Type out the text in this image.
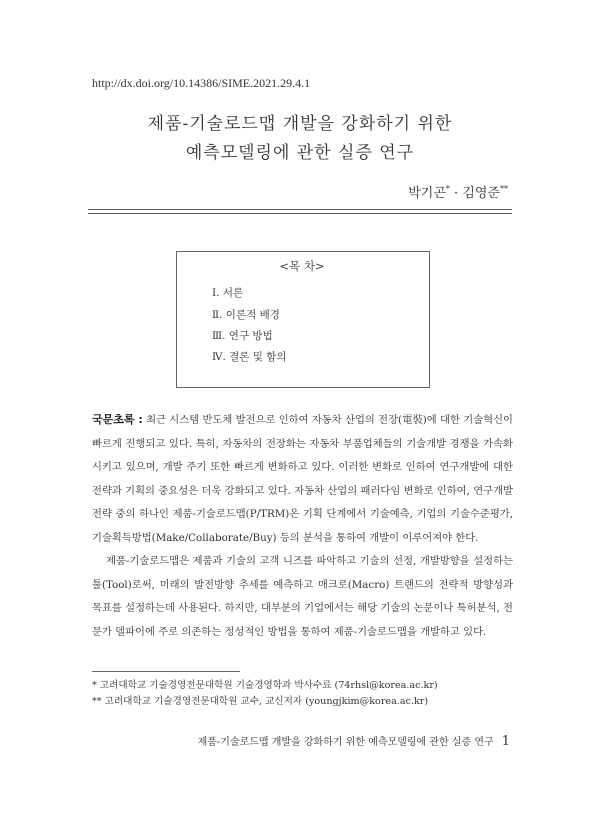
http://dx.doi.org/10.14386/SIME.2021.29.4.1
제품-기술로드맵 개발을 강화하기 위한
예측모델링에 관한 실증 연구
박기곤* · 김영준**
<목 차>
Ⅰ. 서론
Ⅱ. 이론적 배경
Ⅲ. 연구 방법
Ⅳ. 결론 및 함의

국문초록 : 최근 시스템 반도체 발전으로 인하여 자동차 산업의 전장(電裝)에 대한 기술혁신이 빠르게 진행되고 있다. 특히, 자동차의 전장화는 자동차 부품업체들의 기술개발 경쟁을 가속화시키고 있으며, 개발 주기 또한 빠르게 변화하고 있다. 이러한 변화로 인하여 연구개발에 대한 전략과 기획의 중요성은 더욱 강화되고 있다. 자동차 산업의 패러다임 변화로 인하여, 연구개발 전략 중의 하나인 제품-기술로드맵(P/TRM)은 기획 단계에서 기술예측, 기업의 기술수준평가, 기술획득방법(Make/Collaborate/Buy) 등의 분석을 통하여 개발이 이루어져야 한다.

제품-기술로드맵은 제품과 기술의 고객 니즈를 파악하고 기술의 선정, 개발방향을 설정하는 툴(Tool)로써, 미래의 발전방향 추세를 예측하고 매크로(Macro) 트랜드의 전략적 방향성과 목표를 설정하는데 사용된다. 하지만, 대부분의 기업에서는 해당 기술의 논문이나 특허분석, 전문가 델파이에 주로 의존하는 정성적인 방법을 통하여 제품-기술로드맵을 개발하고 있다.

* 고려대학교 기술경영전문대학원 기술경영학과 박사수료 (74rhsl@korea.ac.kr)
** 고려대학교 기술경영전문대학원 교수, 교신저자 (youngjkim@korea.ac.kr)
제품-기술로드맵 개발을 강화하기 위한 예측모델링에 관한 실증 연구 1
